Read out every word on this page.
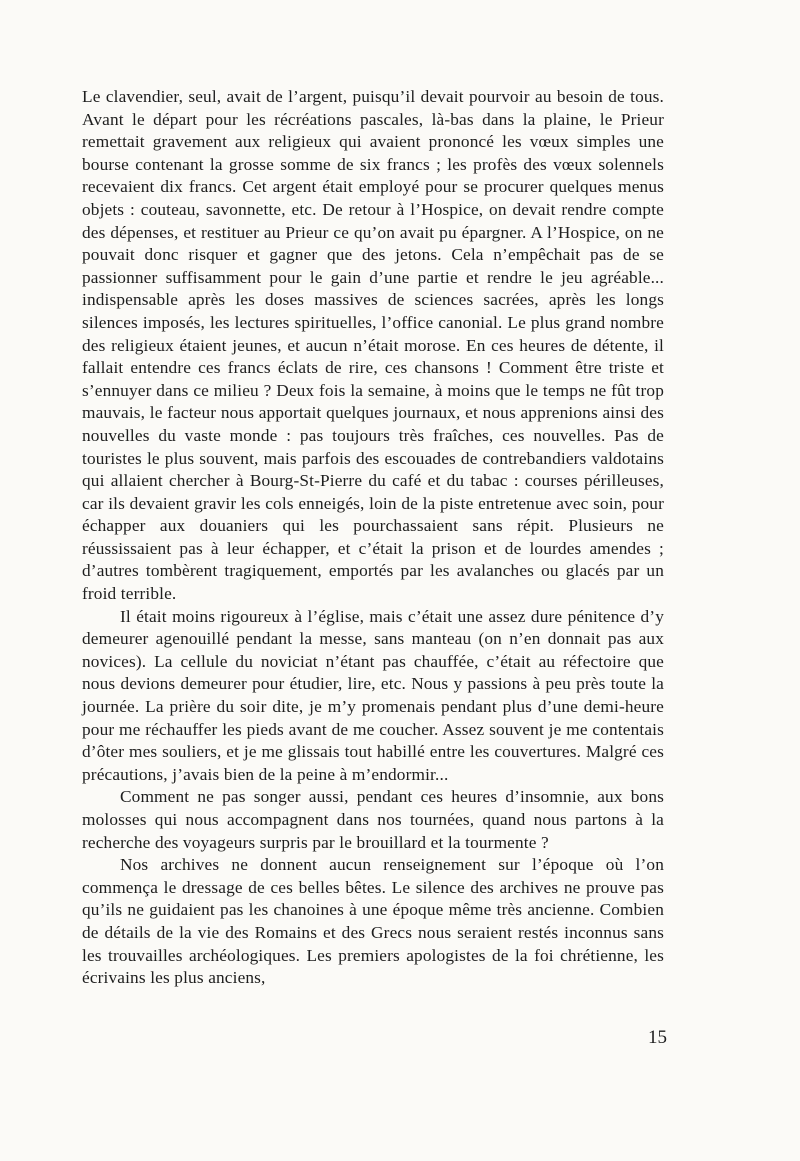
Le clavendier, seul, avait de l’argent, puisqu’il devait pourvoir au besoin de tous. Avant le départ pour les récréations pascales, là-bas dans la plaine, le Prieur remettait gravement aux religieux qui avaient prononcé les vœux simples une bourse contenant la grosse somme de six francs ; les profès des vœux solennels recevaient dix francs. Cet argent était employé pour se procurer quelques menus objets : couteau, savonnette, etc. De retour à l’Hospice, on devait rendre compte des dépenses, et restituer au Prieur ce qu’on avait pu épargner. A l’Hospice, on ne pouvait donc risquer et gagner que des jetons. Cela n’empêchait pas de se passionner suffisamment pour le gain d’une partie et rendre le jeu agréable... indispensable après les doses massives de sciences sacrées, après les longs silences imposés, les lectures spirituelles, l’office canonial. Le plus grand nombre des religieux étaient jeunes, et aucun n’était morose. En ces heures de détente, il fallait entendre ces francs éclats de rire, ces chansons ! Comment être triste et s’ennuyer dans ce milieu ? Deux fois la semaine, à moins que le temps ne fût trop mauvais, le facteur nous apportait quelques journaux, et nous apprenions ainsi des nouvelles du vaste monde : pas toujours très fraîches, ces nouvelles. Pas de touristes le plus souvent, mais parfois des escouades de contrebandiers valdotains qui allaient chercher à Bourg-St-Pierre du café et du tabac : courses périlleuses, car ils devaient gravir les cols enneigés, loin de la piste entretenue avec soin, pour échapper aux douaniers qui les pourchassaient sans répit. Plusieurs ne réussissaient pas à leur échapper, et c’était la prison et de lourdes amendes ; d’autres tombèrent tragiquement, emportés par les avalanches ou glacés par un froid terrible.

Il était moins rigoureux à l’église, mais c’était une assez dure pénitence d’y demeurer agenouillé pendant la messe, sans manteau (on n’en donnait pas aux novices). La cellule du noviciat n’étant pas chauffée, c’était au réfectoire que nous devions demeurer pour étudier, lire, etc. Nous y passions à peu près toute la journée. La prière du soir dite, je m’y promenais pendant plus d’une demi-heure pour me réchauffer les pieds avant de me coucher. Assez souvent je me contentais d’ôter mes souliers, et je me glissais tout habillé entre les couvertures. Malgré ces précautions, j’avais bien de la peine à m’endormir...

Comment ne pas songer aussi, pendant ces heures d’insomnie, aux bons molosses qui nous accompagnent dans nos tournées, quand nous partons à la recherche des voyageurs surpris par le brouillard et la tourmente ?

Nos archives ne donnent aucun renseignement sur l’époque où l’on commença le dressage de ces belles bêtes. Le silence des archives ne prouve pas qu’ils ne guidaient pas les chanoines à une époque même très ancienne. Combien de détails de la vie des Romains et des Grecs nous seraient restés inconnus sans les trouvailles archéologiques. Les premiers apologistes de la foi chrétienne, les écrivains les plus anciens,

15
